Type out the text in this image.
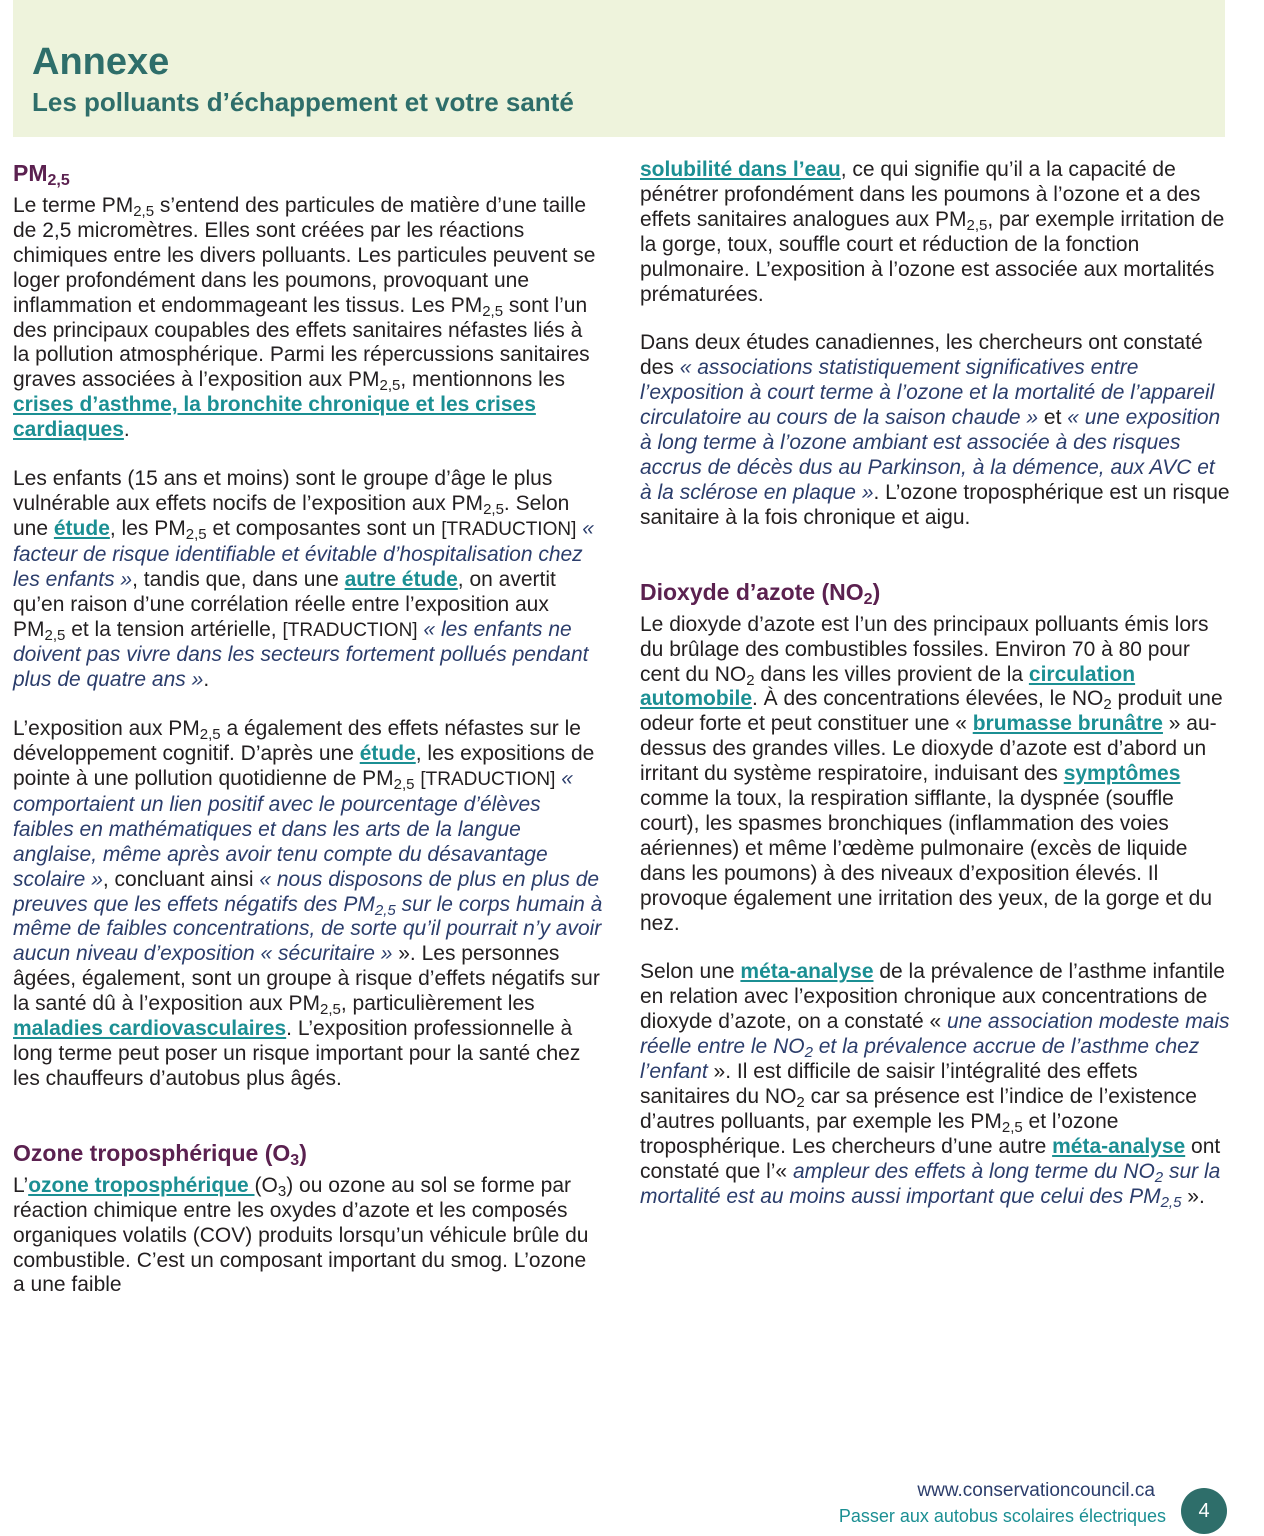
Annexe
Les polluants d’échappement et votre santé
$PM_{2,5}$

Le terme $PM_{2,5}$ s’entend des particules de matière d’une taille de 2,5 micromètres. Elles sont créées par les réactions chimiques entre les divers polluants. Les particules peuvent se loger profondément dans les poumons, provoquant une inflammation et endommageant les tissus. Les $PM_{2,5}$ sont l’un des principaux coupables des effets sanitaires néfastes liés à la pollution atmosphérique. Parmi les répercussions sanitaires graves associées à l’exposition aux $PM_{2,5}$, mentionnons les crises d’asthme, la bronchite chronique et les crises cardiaques.

Les enfants (15 ans et moins) sont le groupe d’âge le plus vulnérable aux effets nocifs de l’exposition aux $PM_{2,5}$. Selon une étude, les $PM_{2,5}$ et composantes sont un [TRADUCTION] « facteur de risque identifiable et évitable d’hospitalisation chez les enfants », tandis que, dans une autre étude, on avertit qu’en raison d’une corrélation réelle entre l’exposition aux $PM_{2,5}$ et la tension artérielle, [TRADUCTION] « les enfants ne doivent pas vivre dans les secteurs fortement pollués pendant plus de quatre ans ».

L’exposition aux $PM_{2,5}$ a également des effets néfastes sur le développement cognitif. D’après une étude, les expositions de pointe à une pollution quotidienne de $PM_{2,5}$ [TRADUCTION] « comportaient un lien positif avec le pourcentage d’élèves faibles en mathématiques et dans les arts de la langue anglaise, même après avoir tenu compte du désavantage scolaire », concluant ainsi « nous disposons de plus en plus de preuves que les effets négatifs des $PM_{2,5}$ sur le corps humain à même de faibles concentrations, de sorte qu’il pourrait n’y avoir aucun niveau d’exposition « sécuritaire » ». Les personnes âgées, également, sont un groupe à risque d’effets négatifs sur la santé dû à l’exposition aux $PM_{2,5}$, particulièrement les maladies cardiovasculaires. L’exposition professionnelle à long terme peut poser un risque important pour la santé chez les chauffeurs d’autobus plus âgés.

Ozone troposphérique $(O_3)$

L’ozone troposphérique $(O_3)$ ou ozone au sol se forme par réaction chimique entre les oxydes d’azote et les composés organiques volatils (COV) produits lorsqu’un véhicule brûle du combustible. C’est un composant important du smog. L’ozone a une faible

solubilité dans l’eau, ce qui signifie qu’il a la capacité de pénétrer profondément dans les poumons à l’ozone et a des effets sanitaires analogues aux $PM_{2,5}$, par exemple irritation de la gorge, toux, souffle court et réduction de la fonction pulmonaire. L’exposition à l’ozone est associée aux mortalités prématurées.

Dans deux études canadiennes, les chercheurs ont constaté des « associations statistiquement significatives entre l’exposition à court terme à l’ozone et la mortalité de l’appareil circulatoire au cours de la saison chaude » et « une exposition à long terme à l’ozone ambiant est associée à des risques accrus de décès dus au Parkinson, à la démence, aux AVC et à la sclérose en plaque ». L’ozone troposphérique est un risque sanitaire à la fois chronique et aigu.

Dioxyde d’azote $(NO_2)$

Le dioxyde d’azote est l’un des principaux polluants émis lors du brûlage des combustibles fossiles. Environ 70 à 80 pour cent du $NO_2$ dans les villes provient de la circulation automobile. À des concentrations élevées, le $NO_2$ produit une odeur forte et peut constituer une « brumasse brunâtre » au-dessus des grandes villes. Le dioxyde d’azote est d’abord un irritant du système respiratoire, induisant des symptômes comme la toux, la respiration sifflante, la dyspnée (souffle court), les spasmes bronchiques (inflammation des voies aériennes) et même l’œdème pulmonaire (excès de liquide dans les poumons) à des niveaux d’exposition élevés. Il provoque également une irritation des yeux, de la gorge et du nez.

Selon une méta-analyse de la prévalence de l’asthme infantile en relation avec l’exposition chronique aux concentrations de dioxyde d’azote, on a constaté « une association modeste mais réelle entre le $NO_2$ et la prévalence accrue de l’asthme chez l’enfant ». Il est difficile de saisir l’intégralité des effets sanitaires du $NO_2$ car sa présence est l’indice de l’existence d’autres polluants, par exemple les $PM_{2,5}$ et l’ozone troposphérique. Les chercheurs d’une autre méta-analyse ont constaté que l’« ampleur des effets à long terme du $NO_2$ sur la mortalité est au moins aussi important que celui des $PM_{2,5}$ ».

www.conservationcouncil.ca
Passer aux autobus scolaires électriques	4
